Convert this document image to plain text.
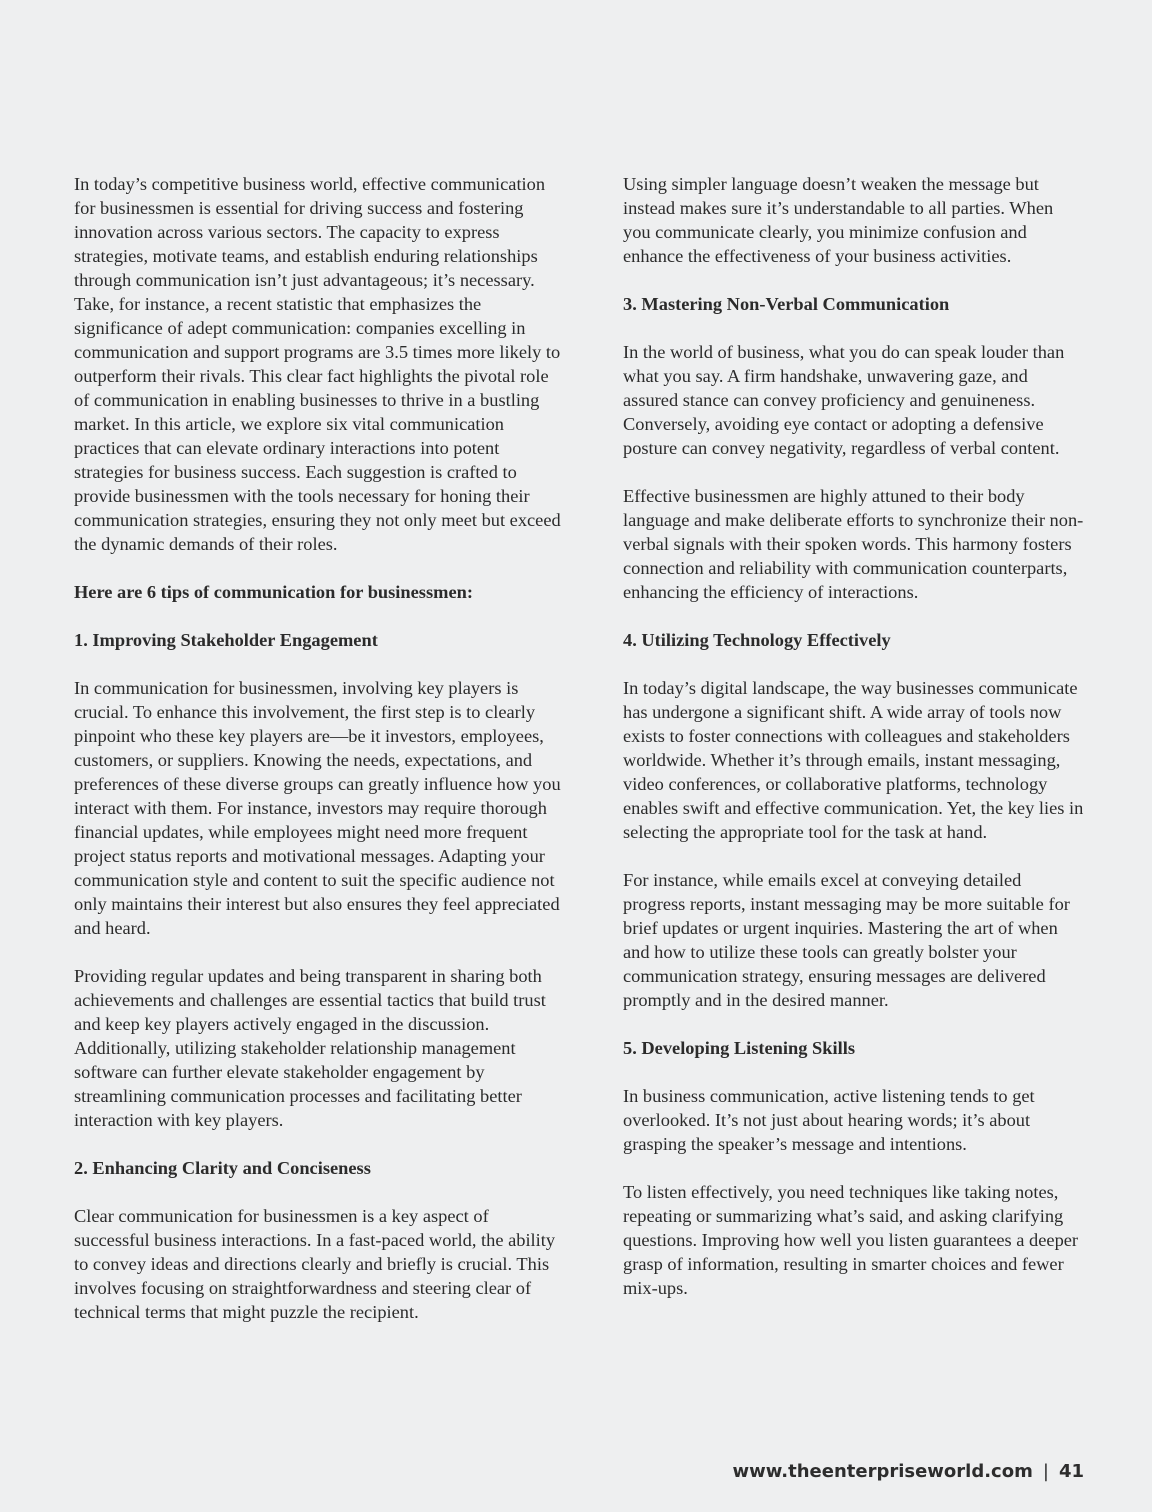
In today’s competitive business world, effective communication for businessmen is essential for driving success and fostering innovation across various sectors. The capacity to express strategies, motivate teams, and establish enduring relationships through communication isn’t just advantageous; it’s necessary. Take, for instance, a recent statistic that emphasizes the significance of adept communication: companies excelling in communication and support programs are 3.5 times more likely to outperform their rivals. This clear fact highlights the pivotal role of communication in enabling businesses to thrive in a bustling market. In this article, we explore six vital communication practices that can elevate ordinary interactions into potent strategies for business success. Each suggestion is crafted to provide businessmen with the tools necessary for honing their communication strategies, ensuring they not only meet but exceed the dynamic demands of their roles.

Here are 6 tips of communication for businessmen:
1. Improving Stakeholder Engagement

In communication for businessmen, involving key players is crucial. To enhance this involvement, the first step is to clearly pinpoint who these key players are—be it investors, employees, customers, or suppliers. Knowing the needs, expectations, and preferences of these diverse groups can greatly influence how you interact with them. For instance, investors may require thorough financial updates, while employees might need more frequent project status reports and motivational messages. Adapting your communication style and content to suit the specific audience not only maintains their interest but also ensures they feel appreciated and heard.

Providing regular updates and being transparent in sharing both achievements and challenges are essential tactics that build trust and keep key players actively engaged in the discussion. Additionally, utilizing stakeholder relationship management software can further elevate stakeholder engagement by streamlining communication processes and facilitating better interaction with key players.

2. Enhancing Clarity and Conciseness

Clear communication for businessmen is a key aspect of successful business interactions. In a fast-paced world, the ability to convey ideas and directions clearly and briefly is crucial. This involves focusing on straightforwardness and steering clear of technical terms that might puzzle the recipient.

Using simpler language doesn’t weaken the message but instead makes sure it’s understandable to all parties. When you communicate clearly, you minimize confusion and enhance the effectiveness of your business activities.

3. Mastering Non-Verbal Communication

In the world of business, what you do can speak louder than what you say. A firm handshake, unwavering gaze, and assured stance can convey proficiency and genuineness. Conversely, avoiding eye contact or adopting a defensive posture can convey negativity, regardless of verbal content.

Effective businessmen are highly attuned to their body language and make deliberate efforts to synchronize their non-verbal signals with their spoken words. This harmony fosters connection and reliability with communication counterparts, enhancing the efficiency of interactions.

4. Utilizing Technology Effectively

In today’s digital landscape, the way businesses communicate has undergone a significant shift. A wide array of tools now exists to foster connections with colleagues and stakeholders worldwide. Whether it’s through emails, instant messaging, video conferences, or collaborative platforms, technology enables swift and effective communication. Yet, the key lies in selecting the appropriate tool for the task at hand.

For instance, while emails excel at conveying detailed progress reports, instant messaging may be more suitable for brief updates or urgent inquiries. Mastering the art of when and how to utilize these tools can greatly bolster your communication strategy, ensuring messages are delivered promptly and in the desired manner.

5. Developing Listening Skills

In business communication, active listening tends to get overlooked. It’s not just about hearing words; it’s about grasping the speaker’s message and intentions.

To listen effectively, you need techniques like taking notes, repeating or summarizing what’s said, and asking clarifying questions. Improving how well you listen guarantees a deeper grasp of information, resulting in smarter choices and fewer mix-ups.

www.theenterpriseworld.com | 41
